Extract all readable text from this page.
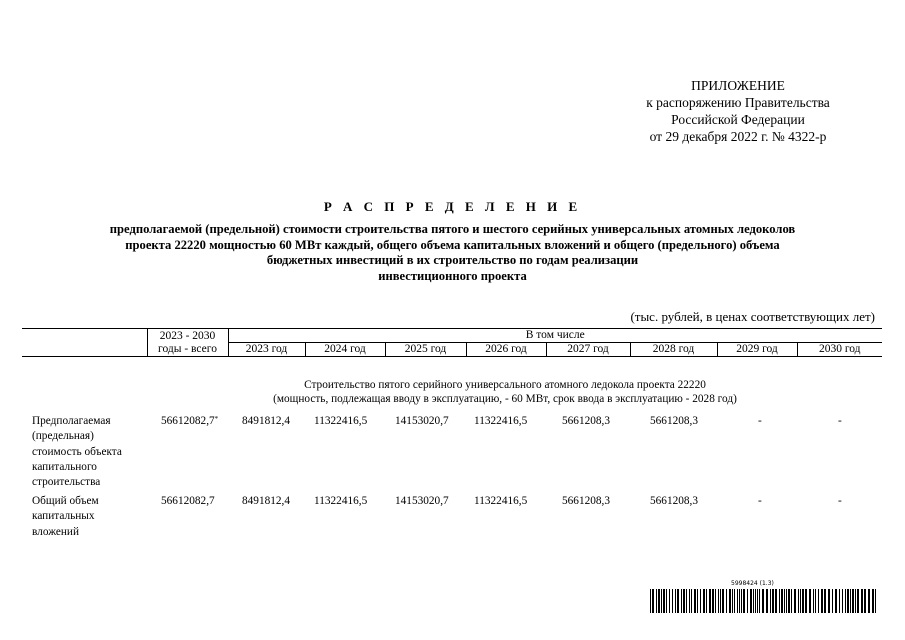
ПРИЛОЖЕНИЕ
к распоряжению Правительства
Российской Федерации
от 29 декабря 2022 г. № 4322-р
Р А С П Р Е Д Е Л Е Н И Е
предполагаемой (предельной) стоимости строительства пятого и шестого серийных универсальных атомных ледоколов
проекта 22220 мощностью 60 МВт каждый, общего объема капитальных вложений и общего (предельного) объема
бюджетных инвестиций в их строительство по годам реализации
инвестиционного проекта
(тыс. рублей, в ценах соответствующих лет)
	2023 - 2030	В том числе							
	годы - всего	2023 год	2024 год	2025 год	2026 год	2027 год	2028 год	2029 год	2030 год
Строительство пятого серийного универсального атомного ледокола проекта 22220
(мощность, подлежащая вводу в эксплуатацию, - 60 МВт, срок ввода в эксплуатацию - 2028 год)
Предполагаемая
(предельная)
стоимость объекта
капитального
строительства
56612082,7* 8491812,4 11322416,5 14153020,7 11322416,5	5661208,3	5661208,3	-	-
Общий объем
капитальных
вложений
56612082,7 8491812,4 11322416,5 14153020,7 11322416,5	5661208,3	5661208,3	-	-
5998424 (1.3)
